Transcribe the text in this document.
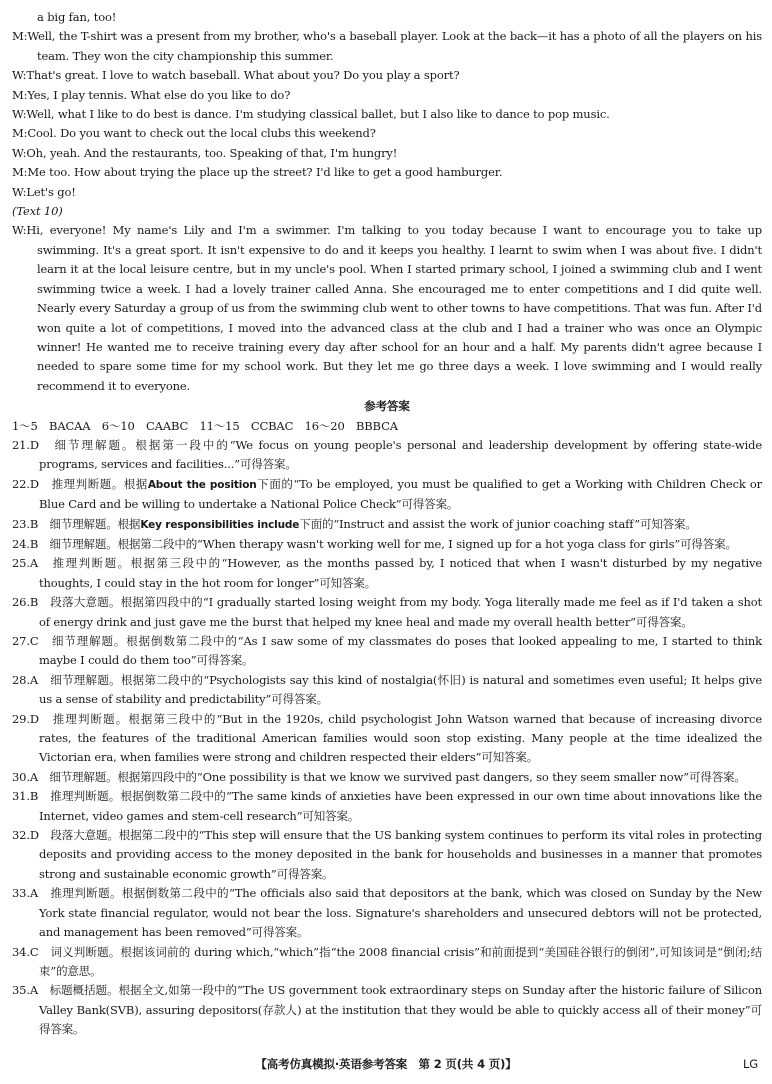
a big fan, too!

M:Well, the T-shirt was a present from my brother, who's a baseball player. Look at the back—it has a photo of all the players on his team. They won the city championship this summer.

W:That's great. I love to watch baseball. What about you? Do you play a sport?

M:Yes, I play tennis. What else do you like to do?

W:Well, what I like to do best is dance. I'm studying classical ballet, but I also like to dance to pop music.

M:Cool. Do you want to check out the local clubs this weekend?

W:Oh, yeah. And the restaurants, too. Speaking of that, I'm hungry!

M:Me too. How about trying the place up the street? I'd like to get a good hamburger.

W:Let's go!

(Text 10)

W:Hi, everyone! My name's Lily and I'm a swimmer. I'm talking to you today because I want to encourage you to take up swimming. It's a great sport. It isn't expensive to do and it keeps you healthy. I learnt to swim when I was about five. I didn't learn it at the local leisure centre, but in my uncle's pool. When I started primary school, I joined a swimming club and I went swimming twice a week. I had a lovely trainer called Anna. She encouraged me to enter competitions and I did quite well. Nearly every Saturday a group of us from the swimming club went to other towns to have competitions. That was fun. After I'd won quite a lot of competitions, I moved into the advanced class at the club and I had a trainer who was once an Olympic winner! He wanted me to receive training every day after school for an hour and a half. My parents didn't agree because I needed to spare some time for my school work. But they let me go three days a week. I love swimming and I would really recommend it to everyone.

参考答案

1～5　BACAA　6～10　CAABC　11～15　CCBAC　16～20　BBBCA

21.D　 细节理解题。根据第一段中的“We focus on young people's personal and leadership development by offering state-wide programs, services and facilities...”可得答案。

22.D　 推理判断题。根据About the position下面的“To be employed, you must be qualified to get a Working with Children Check or Blue Card and be willing to undertake a National Police Check”可得答案。

23.B　 细节理解题。根据Key responsibilities include下面的“Instruct and assist the work of junior coaching staff”可知答案。

24.B　 细节理解题。根据第二段中的“When therapy wasn't working well for me, I signed up for a hot yoga class for girls”可得答案。

25.A　 推理判断题。根据第三段中的“However, as the months passed by, I noticed that when I wasn't disturbed by my negative thoughts, I could stay in the hot room for longer”可知答案。

26.B　 段落大意题。根据第四段中的“I gradually started losing weight from my body. Yoga literally made me feel as if I'd taken a shot of energy drink and just gave me the burst that helped my knee heal and made my overall health better”可得答案。

27.C　 细节理解题。根据倒数第二段中的“As I saw some of my classmates do poses that looked appealing to me, I started to think maybe I could do them too”可得答案。

28.A　 细节理解题。根据第二段中的“Psychologists say this kind of nostalgia(怀旧) is natural and sometimes even useful; It helps give us a sense of stability and predictability”可得答案。

29.D　 推理判断题。根据第三段中的“But in the 1920s, child psychologist John Watson warned that because of increasing divorce rates, the features of the traditional American families would soon stop existing. Many people at the time idealized the Victorian era, when families were strong and children respected their elders”可知答案。

30.A　 细节理解题。根据第四段中的“One possibility is that we know we survived past dangers, so they seem smaller now”可得答案。

31.B　 推理判断题。根据倒数第二段中的“The same kinds of anxieties have been expressed in our own time about innovations like the Internet, video games and stem-cell research”可知答案。

32.D　 段落大意题。根据第二段中的“This step will ensure that the US banking system continues to perform its vital roles in protecting deposits and providing access to the money deposited in the bank for households and businesses in a manner that promotes strong and sustainable economic growth”可得答案。

33.A　 推理判断题。根据倒数第二段中的“The officials also said that depositors at the bank, which was closed on Sunday by the New York state financial regulator, would not bear the loss. Signature's shareholders and unsecured debtors will not be protected, and management has been removed”可得答案。

34.C　 词义判断题。根据该词前的 during which,“which”指“the 2008 financial crisis”和前面提到“美国硅谷银行的倒闭”,可知该词是“倒闭;结束”的意思。

35.A　 标题概括题。根据全文,如第一段中的“The US government took extraordinary steps on Sunday after the historic failure of Silicon Valley Bank(SVB), assuring depositors(存款人) at the institution that they would be able to quickly access all of their money”可得答案。

【高考仿真模拟·英语参考答案　第 2 页(共 4 页)】	LG
